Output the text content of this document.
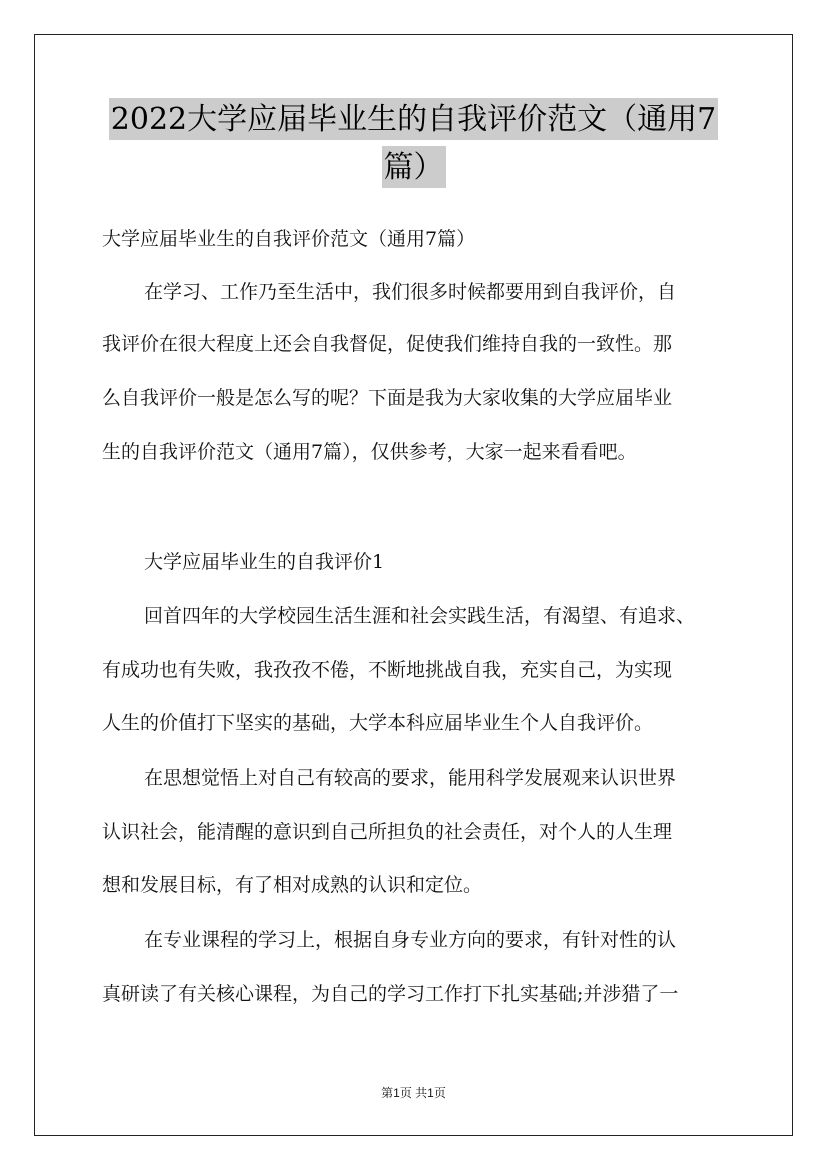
2022大学应届毕业生的自我评价范文（通用7
篇）
大学应届毕业生的自我评价范文（通用7篇）
在学习、工作乃至生活中，我们很多时候都要用到自我评价，自
我评价在很大程度上还会自我督促，促使我们维持自我的一致性。那
么自我评价一般是怎么写的呢？下面是我为大家收集的大学应届毕业
生的自我评价范文（通用7篇），仅供参考，大家一起来看看吧。
大学应届毕业生的自我评价1
回首四年的大学校园生活生涯和社会实践生活，有渴望、有追求、
有成功也有失败，我孜孜不倦，不断地挑战自我，充实自己，为实现
人生的价值打下坚实的基础，大学本科应届毕业生个人自我评价。
在思想觉悟上对自己有较高的要求，能用科学发展观来认识世界
认识社会，能清醒的意识到自己所担负的社会责任，对个人的人生理
想和发展目标，有了相对成熟的认识和定位。
在专业课程的学习上，根据自身专业方向的要求，有针对性的认
真研读了有关核心课程，为自己的学习工作打下扎实基础;并涉猎了一
第1页 共1页
